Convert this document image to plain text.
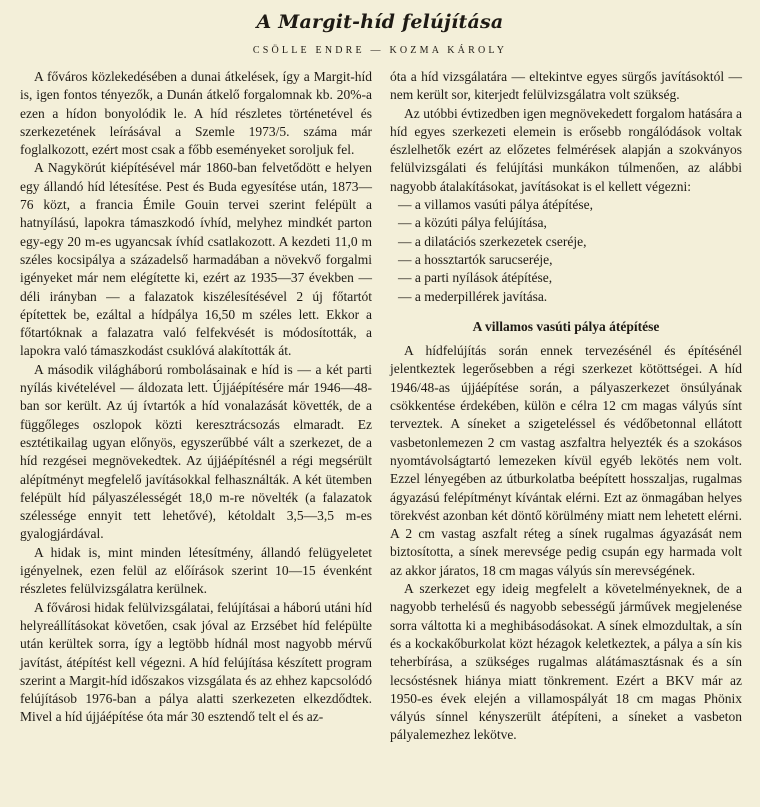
A Margit-híd felújítása
CSÖLLE ENDRE — KOZMA KÁROLY

A főváros közlekedésében a dunai átkelések, így a Margit-híd is, igen fontos tényezők, a Dunán átkelő forgalomnak kb. 20%-a ezen a hídon bonyolódik le. A híd részletes történetével és szerkezetének leírásával a Szemle 1973/5. száma már foglalkozott, ezért most csak a főbb eseményeket soroljuk fel.

A Nagykörút kiépítésével már 1860-ban felvetődött e helyen egy állandó híd létesítése. Pest és Buda egyesítése után, 1873—76 közt, a francia Émile Gouin tervei szerint felépült a hatnyílású, lapokra támaszkodó ívhíd, melyhez mindkét parton egy-egy 20 m-es ugyancsak ívhíd csatlakozott. A kezdeti 11,0 m széles kocsipálya a századelső harmadában a növekvő forgalmi igényeket már nem elégítette ki, ezért az 1935—37 években — déli irányban — a falazatok kiszélesítésével 2 új főtartót építettek be, ezáltal a hídpálya 16,50 m széles lett. Ekkor a főtartóknak a falazatra való felfekvését is módosították, a lapokra való támaszkodást csuklóvá alakították át.

A második világháború rombolásainak e híd is — a két parti nyílás kivételével — áldozata lett. Újjáépítésére már 1946—48-ban sor került. Az új ívtartók a híd vonalazását követték, de a függőleges oszlopok közti keresztrácsozás elmaradt. Ez esztétikailag ugyan előnyös, egyszerűbbé vált a szerkezet, de a híd rezgései megnövekedtek. Az újjáépítésnél a régi megsérült alépítményt megfelelő javításokkal felhasználták. A két ütemben felépült híd pályaszélességét 18,0 m-re növelték (a falazatok szélessége ennyit tett lehetővé), kétoldalt 3,5—3,5 m-es gyalogjárdával.

A hidak is, mint minden létesítmény, állandó felügyeletet igényelnek, ezen felül az előírások szerint 10—15 évenként részletes felülvizsgálatra kerülnek.

A fővárosi hidak felülvizsgálatai, felújításai a háború utáni híd helyreállításokat követően, csak jóval az Erzsébet híd felépülte után kerültek sorra, így a legtöbb hídnál most nagyobb mérvű javítást, átépítést kell végezni. A híd felújítása készített program szerint a Margit-híd időszakos vizsgálata és az ehhez kapcsolódó felújításob 1976-ban a pálya alatti szerkezeten elkezdődtek. Mivel a híd újjáépítése óta már 30 esztendő telt el és az-

óta a híd vizsgálatára — eltekintve egyes sürgős javításoktól — nem került sor, kiterjedt felülvizsgálatra volt szükség.

Az utóbbi évtizedben igen megnövekedett forgalom hatására a híd egyes szerkezeti elemein is erősebb rongálódások voltak észlelhetők ezért az előzetes felmérések alapján a szokványos felülvizsgálati és felújítási munkákon túlmenően, az alábbi nagyobb átalakításokat, javításokat is el kellett végezni:

— a villamos vasúti pálya átépítése,
— a közúti pálya felújítása,
— a dilatációs szerkezetek cseréje,
— a hossztartók sarucseréje,
— a parti nyílások átépítése,
— a mederpillérek javítása.
A villamos vasúti pálya átépítése

A hídfelújítás során ennek tervezésénél és építésénél jelentkeztek legerősebben a régi szerkezet kötöttségei. A híd 1946/48-as újjáépítése során, a pályaszerkezet önsúlyának csökkentése érdekében, külön e célra 12 cm magas vályús sínt terveztek. A síneket a szigeteléssel és védőbetonnal ellátott vasbetonlemezen 2 cm vastag aszfaltra helyezték és a szokásos nyomtávolságtartó lemezeken kívül egyéb lekötés nem volt. Ezzel lényegében az útburkolatba beépített hosszaljas, rugalmas ágyazású felépítményt kívántak elérni. Ezt az önmagában helyes törekvést azonban két döntő körülmény miatt nem lehetett elérni. A 2 cm vastag aszfalt réteg a sínek rugalmas ágyazását nem biztosította, a sínek merevsége pedig csupán egy harmada volt az akkor járatos, 18 cm magas vályús sín merevségének.

A szerkezet egy ideig megfelelt a követelményeknek, de a nagyobb terhelésű és nagyobb sebességű járművek megjelenése sorra váltotta ki a meghibásodásokat. A sínek elmozdultak, a sín és a kockakőburkolat közt hézagok keletkeztek, a pálya a sín kis teherbírása, a szükséges rugalmas alátámasztásnak és a sín lecsóstésnek hiánya miatt tönkrement. Ezért a BKV már az 1950-es évek elején a villamospályát 18 cm magas Phönix vályús sínnel kényszerült átépíteni, a síneket a vasbeton pályalemezhez lekötve.
